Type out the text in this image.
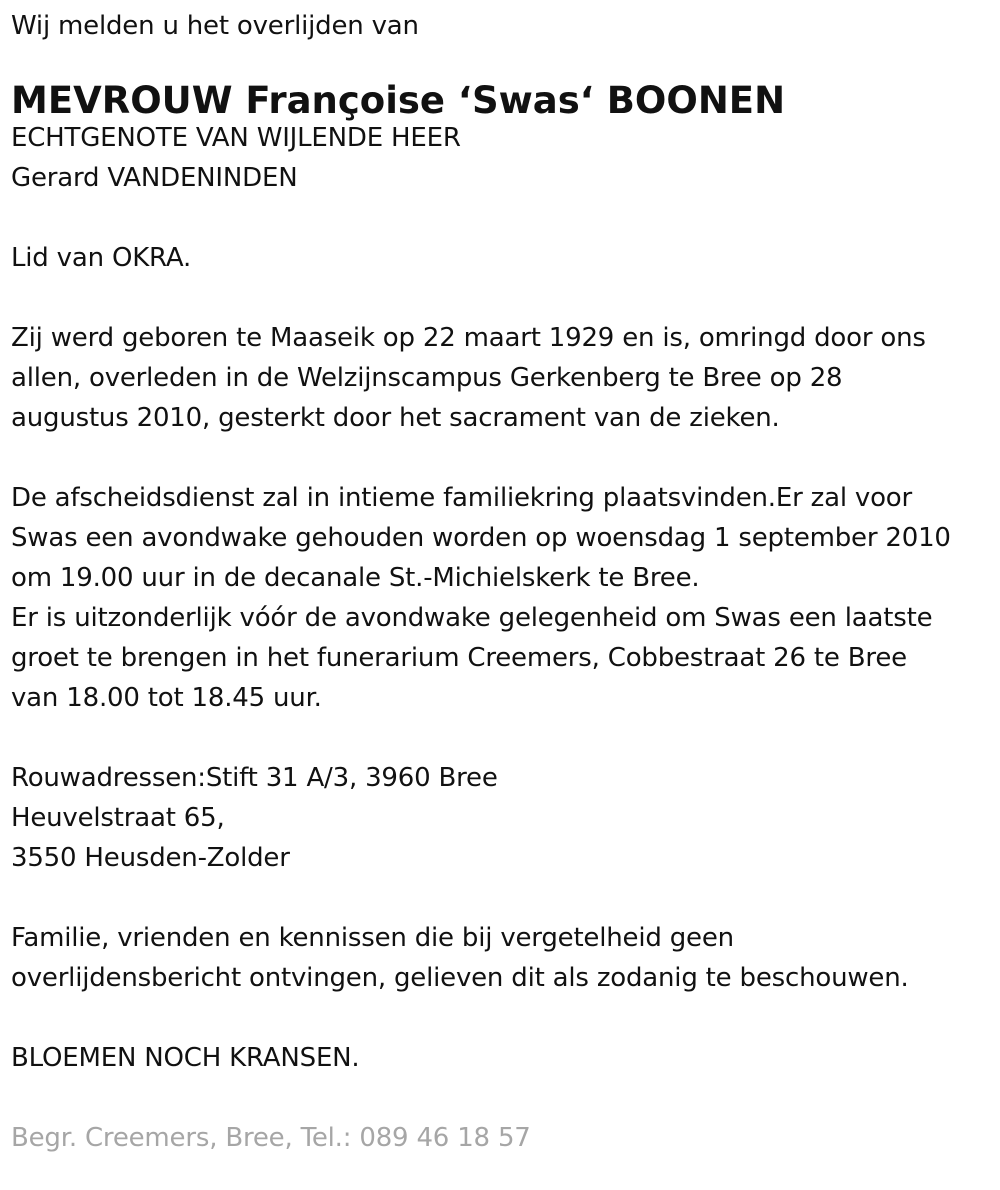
Wij melden u het overlijden van
MEVROUW Françoise ‘Swas‘ BOONEN
ECHTGENOTE VAN WIJLENDE HEER
Gerard VANDENINDEN
Lid van OKRA.
Zij werd geboren te Maaseik op 22 maart 1929 en is, omringd door ons
allen, overleden in de Welzijnscampus Gerkenberg te Bree op 28
augustus 2010, gesterkt door het sacrament van de zieken.
De afscheidsdienst zal in intieme familiekring plaatsvinden.Er zal voor
Swas een avondwake gehouden worden op woensdag 1 september 2010
om 19.00 uur in de decanale St.-Michielskerk te Bree.
Er is uitzonderlijk vóór de avondwake gelegenheid om Swas een laatste
groet te brengen in het funerarium Creemers, Cobbestraat 26 te Bree
van 18.00 tot 18.45 uur.
Rouwadressen:Stift 31 A/3, 3960 Bree
Heuvelstraat 65,
3550 Heusden-Zolder
Familie, vrienden en kennissen die bij vergetelheid geen
overlijdensbericht ontvingen, gelieven dit als zodanig te beschouwen.
BLOEMEN NOCH KRANSEN.
Begr. Creemers, Bree, Tel.: 089 46 18 57
